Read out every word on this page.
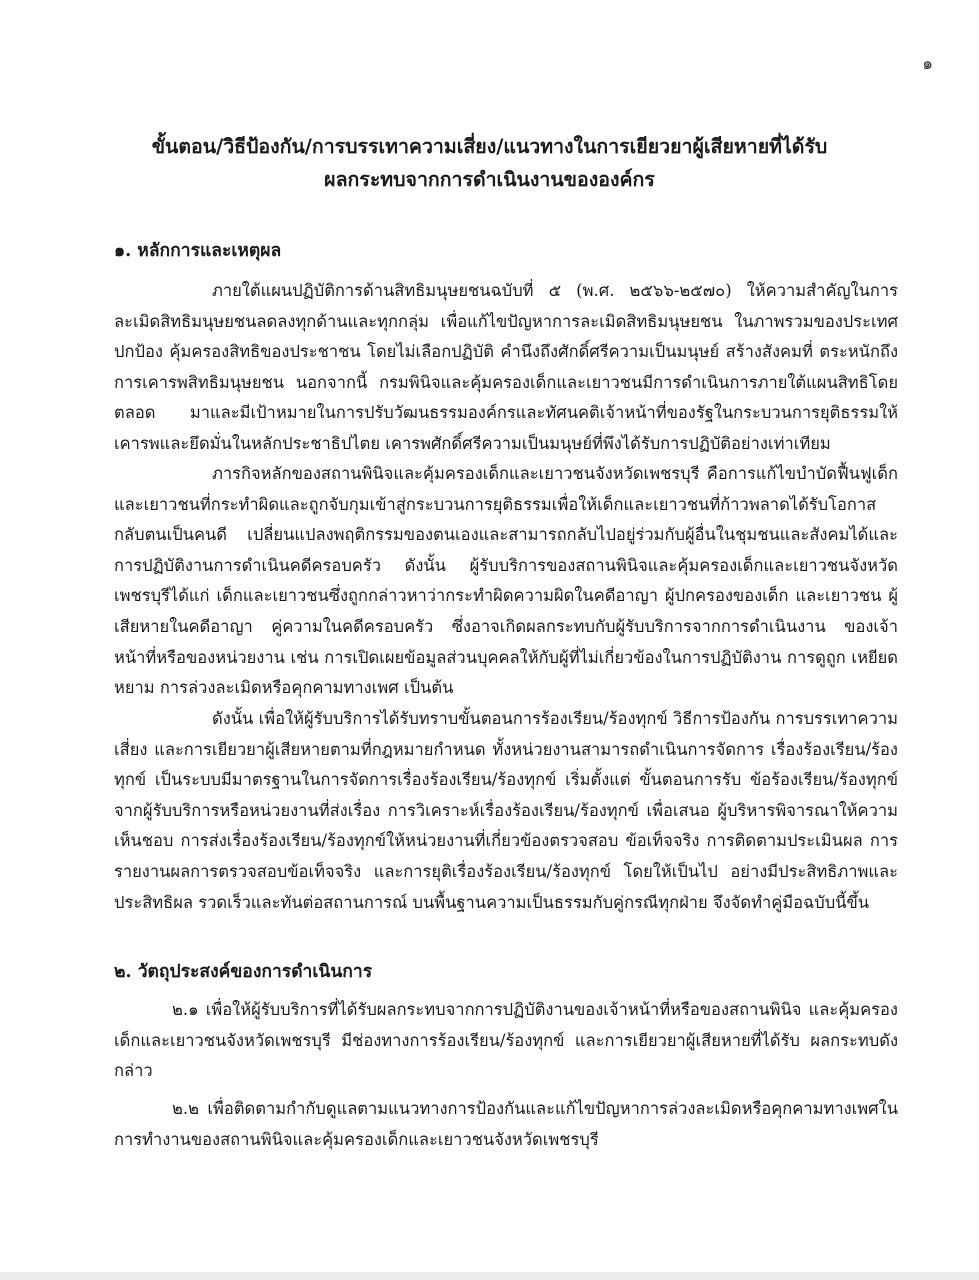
๑
ขั้นตอน/วิธีป้องกัน/การบรรเทาความเสี่ยง/แนวทางในการเยียวยาผู้เสียหายที่ได้รับ
ผลกระทบจากการดำเนินงานขององค์กร
๑. หลักการและเหตุผล
ภายใต้แผนปฏิบัติการด้านสิทธิมนุษยชนฉบับที่ ๕ (พ.ศ. ๒๕๖๖-๒๕๗๐) ให้ความสำคัญในการละเมิดสิทธิมนุษยชนลดลงทุกด้านและทุกกลุ่ม เพื่อแก้ไขปัญหาการละเมิดสิทธิมนุษยชน ในภาพรวมของประเทศ ปกป้อง คุ้มครองสิทธิของประชาชน โดยไม่เลือกปฏิบัติ คำนึงถึงศักดิ์ศรีความเป็นมนุษย์ สร้างสังคมที่ ตระหนักถึงการเคารพสิทธิมนุษยชน นอกจากนี้ กรมพินิจและคุ้มครองเด็กและเยาวชนมีการดำเนินการภายใต้แผนสิทธิโดยตลอด มาและมีเป้าหมายในการปรับวัฒนธรรมองค์กรและทัศนคติเจ้าหน้าที่ของรัฐในกระบวนการยุติธรรมให้ เคารพและยึดมั่นในหลักประชาธิปไตย เคารพศักดิ์ศรีความเป็นมนุษย์ที่พึงได้รับการปฏิบัติอย่างเท่าเทียม
ภารกิจหลักของสถานพินิจและคุ้มครองเด็กและเยาวชนจังหวัดเพชรบุรี คือการแก้ไขบำบัดฟื้นฟูเด็กและเยาวชนที่กระทำผิดและถูกจับกุมเข้าสู่กระบวนการยุติธรรมเพื่อให้เด็กและเยาวชนที่ก้าวพลาดได้รับโอกาสกลับตนเป็นคนดี เปลี่ยนแปลงพฤติกรรมของตนเองและสามารถกลับไปอยู่ร่วมกับผู้อื่นในชุมชนและสังคมได้และการปฏิบัติงานการดำเนินคดีครอบครัว ดังนั้น ผู้รับบริการของสถานพินิจและคุ้มครองเด็กและเยาวชนจังหวัดเพชรบุรีได้แก่ เด็กและเยาวชนซึ่งถูกกล่าวหาว่ากระทำผิดความผิดในคดีอาญา ผู้ปกครองของเด็ก และเยาวชน ผู้เสียหายในคดีอาญา คู่ความในคดีครอบครัว ซึ่งอาจเกิดผลกระทบกับผู้รับบริการจากการดำเนินงาน ของเจ้าหน้าที่หรือของหน่วยงาน เช่น การเปิดเผยข้อมูลส่วนบุคคลให้กับผู้ที่ไม่เกี่ยวข้องในการปฏิบัติงาน การดูถูก เหยียดหยาม การล่วงละเมิดหรือคุกคามทางเพศ เป็นต้น
ดังนั้น เพื่อให้ผู้รับบริการได้รับทราบขั้นตอนการร้องเรียน/ร้องทุกข์ วิธีการป้องกัน การบรรเทาความเสี่ยง และการเยียวยาผู้เสียหายตามที่กฎหมายกำหนด ทั้งหน่วยงานสามารถดำเนินการจัดการ เรื่องร้องเรียน/ร้องทุกข์ เป็นระบบมีมาตรฐานในการจัดการเรื่องร้องเรียน/ร้องทุกข์ เริ่มตั้งแต่ ขั้นตอนการรับ ข้อร้องเรียน/ร้องทุกข์จากผู้รับบริการหรือหน่วยงานที่ส่งเรื่อง การวิเคราะห์เรื่องร้องเรียน/ร้องทุกข์ เพื่อเสนอ ผู้บริหารพิจารณาให้ความเห็นชอบ การส่งเรื่องร้องเรียน/ร้องทุกข์ให้หน่วยงานที่เกี่ยวข้องตรวจสอบ ข้อเท็จจริง การติดตามประเมินผล การรายงานผลการตรวจสอบข้อเท็จจริง และการยุติเรื่องร้องเรียน/ร้องทุกข์ โดยให้เป็นไป อย่างมีประสิทธิภาพและประสิทธิผล รวดเร็วและทันต่อสถานการณ์ บนพื้นฐานความเป็นธรรมกับคู่กรณีทุกฝ่าย จึงจัดทำคู่มือฉบับนี้ขึ้น
๒. วัตถุประสงค์ของการดำเนินการ
๒.๑ เพื่อให้ผู้รับบริการที่ได้รับผลกระทบจากการปฏิบัติงานของเจ้าหน้าที่หรือของสถานพินิจ และคุ้มครองเด็กและเยาวชนจังหวัดเพชรบุรี มีช่องทางการร้องเรียน/ร้องทุกข์ และการเยียวยาผู้เสียหายที่ได้รับ ผลกระทบดังกล่าว
๒.๒ เพื่อติดตามกำกับดูแลตามแนวทางการป้องกันและแก้ไขปัญหาการล่วงละเมิดหรือคุกคามทางเพศในการทำงานของสถานพินิจและคุ้มครองเด็กและเยาวชนจังหวัดเพชรบุรี
